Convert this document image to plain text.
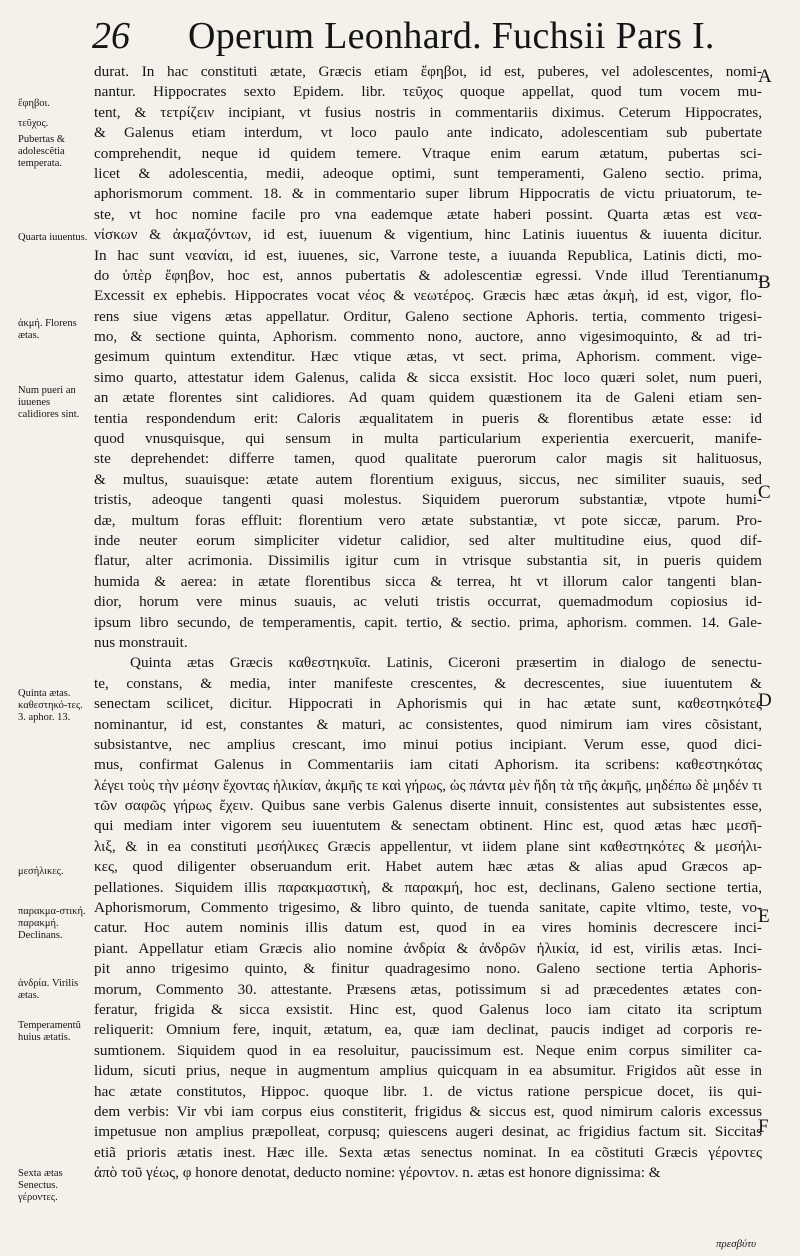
26 Operum Leonhard. Fuchsii Pars I.
durat. In hac constituti ætate, Græcis etiam ἔφηβοι, id est, puberes, vel adolescentes, nomi-
nantur. Hippocrates sexto Epidem. libr. τεῦχος quoque appellat, quod tum vocem mu-
tent, & τετρίζειν incipiant, vt fusius nostris in commentariis diximus. Ceterum Hippocrates,
& Galenus etiam interdum, vt loco paulo ante indicato, adolescentiam sub pubertate
comprehendit, neque id quidem temere. Vtraque enim earum ætatum, pubertas sci-
licet & adolescentia, medii, adeoque optimi, sunt temperamenti, Galeno sectio. prima,
aphorismorum comment. 18. & in commentario super librum Hippocratis de victu priuatorum, te-
ste, vt hoc nomine facile pro vna eademque ætate haberi possint. Quarta ætas est νεα-
νίσκων & ἀκμαζόντων, id est, iuuenum & vigentium, hinc Latinis iuuentus & iuuenta dicitur.
In hac sunt νεανίαι, id est, iuuenes, sic, Varrone teste, a iuuanda Republica, Latinis dicti, mo-
do ὑπὲρ ἔφηβον, hoc est, annos pubertatis & adolescentiæ egressi. Vnde illud Terentianum,
Excessit ex ephebis. Hippocrates vocat νέος & νεωτέρος. Græcis hæc ætas ἀκμὴ, id est, vigor, flo-
rens siue vigens ætas appellatur. Orditur, Galeno sectione Aphoris. tertia, commento trigesi-
mo, & sectione quinta, Aphorism. commento nono, auctore, anno vigesimoquinto, & ad tri-
gesimum quintum extenditur. Hæc vtique ætas, vt sect. prima, Aphorism. comment. vige-
simo quarto, attestatur idem Galenus, calida & sicca exsistit. Hoc loco quæri solet, num pueri,
an ætate florentes sint calidiores. Ad quam quidem quæstionem ita de Galeni etiam sen-
tentia respondendum erit: Caloris æqualitatem in pueris & florentibus ætate esse: id
quod vnusquisque, qui sensum in multa particularium experientia exercuerit, manife-
ste deprehendet: differre tamen, quod qualitate puerorum calor magis sit halituosus,
& multus, suauisque: ætate autem florentium exiguus, siccus, nec similiter suauis, sed
tristis, adeoque tangenti quasi molestus. Siquidem puerorum substantiæ, vtpote humi-
dæ, multum foras effluit: florentium vero ætate substantiæ, vt pote siccæ, parum. Pro-
inde neuter eorum simpliciter videtur calidior, sed alter multitudine eius, quod dif-
flatur, alter acrimonia. Dissimilis igitur cum in vtrisque substantia sit, in pueris quidem
humida & aerea: in ætate florentibus sicca & terrea, ht vt illorum calor tangenti blan-
dior, horum vere minus suauis, ac veluti tristis occurrat, quemadmodum copiosius id-
ipsum libro secundo, de temperamentis, capit. tertio, & sectio. prima, aphorism. commen. 14. Gale-
nus monstrauit.
Quinta ætas Græcis καθεστηκυῖα. Latinis, Ciceroni præsertim in dialogo de senectu-
te, constans, & media, inter manifeste crescentes, & decrescentes, siue iuuentutem &
senectam scilicet, dicitur. Hippocrati in Aphorismis qui in hac ætate sunt, καθεστηκότες
nominantur, id est, constantes & maturi, ac consistentes, quod nimirum iam vires cõsistant,
subsistantve, nec amplius crescant, imo minui potius incipiant. Verum esse, quod dici-
mus, confirmat Galenus in Commentariis iam citati Aphorism. ita scribens: καθεστηκότας
λέγει τοὺς τὴν μέσην ἔχοντας ἡλικίαν, ἀκμῆς τε καὶ γήρως, ὡς πάντα μὲν ἤδη τὰ τῆς ἀκμῆς, μηδέπω δὲ μηδέν τι
τῶν σαφῶς γήρως ἔχειν. Quibus sane verbis Galenus diserte innuit, consistentes aut subsistentes esse,
qui mediam inter vigorem seu iuuentutem & senectam obtinent. Hinc est, quod ætas hæc μεσῆ-
λιξ, & in ea constituti μεσήλικες Græcis appellentur, vt iidem plane sint καθεστηκότες & μεσήλι-
κες, quod diligenter obseruandum erit. Habet autem hæc ætas & alias apud Græcos ap-
pellationes. Siquidem illis παρακμαστικὴ, & παρακμή, hoc est, declinans, Galeno sectione tertia,
Aphorismorum, Commento trigesimo, & libro quinto, de tuenda sanitate, capite vltimo, teste, vo-
catur. Hoc autem nominis illis datum est, quod in ea vires hominis decrescere inci-
piant. Appellatur etiam Græcis alio nomine ἀνδρία & ἀνδρῶν ἡλικία, id est, virilis ætas. Inci-
pit anno trigesimo quinto, & finitur quadragesimo nono. Galeno sectione tertia Aphoris-
morum, Commento 30. attestante. Præsens ætas, potissimum si ad præcedentes ætates con-
feratur, frigida & sicca exsistit. Hinc est, quod Galenus loco iam citato ita scriptum
reliquerit: Omnium fere, inquit, ætatum, ea, quæ iam declinat, paucis indiget ad corporis re-
sumtionem. Siquidem quod in ea resoluitur, paucissimum est. Neque enim corpus similiter ca-
lidum, sicuti prius, neque in augmentum amplius quicquam in ea absumitur. Frigidos aũt esse in
hac ætate constitutos, Hippoc. quoque libr. 1. de victus ratione perspicue docet, iis qui-
dem verbis: Vir vbi iam corpus eius constiterit, frigidus & siccus est, quod nimirum caloris excessus
impetusue non amplius præpolleat, corpusq; quiescens augeri desinat, ac frigidius factum sit. Siccitas
etiã prioris ætatis inest. Hæc ille. Sexta ætas senectus nominat. In ea cõstituti Græcis γέροντες
ἀπὸ τοῦ γέως, φ honore denotat, deducto nomine: γέροντον. n. ætas est honore dignissima: &
ἔφηβοι.
τεῦχος.
Pubertas & adolescẽtia temperata.
Quarta iuuentus.
ἀκμή. Florens ætas.
Num pueri an iuuenes calidiores sint.
Quinta ætas. καθεστηκό-τες. 3. aphor. 13.
μεσήλικες.
παρακμα-στική. παρακμή. Declinans.
ἀνδρία. Virilis ætas.
Temperamentũ huius ætatis.
Sexta ætas Senectus. γέροντες.
A
B
C
D
E
F
πρεσβύτυ
